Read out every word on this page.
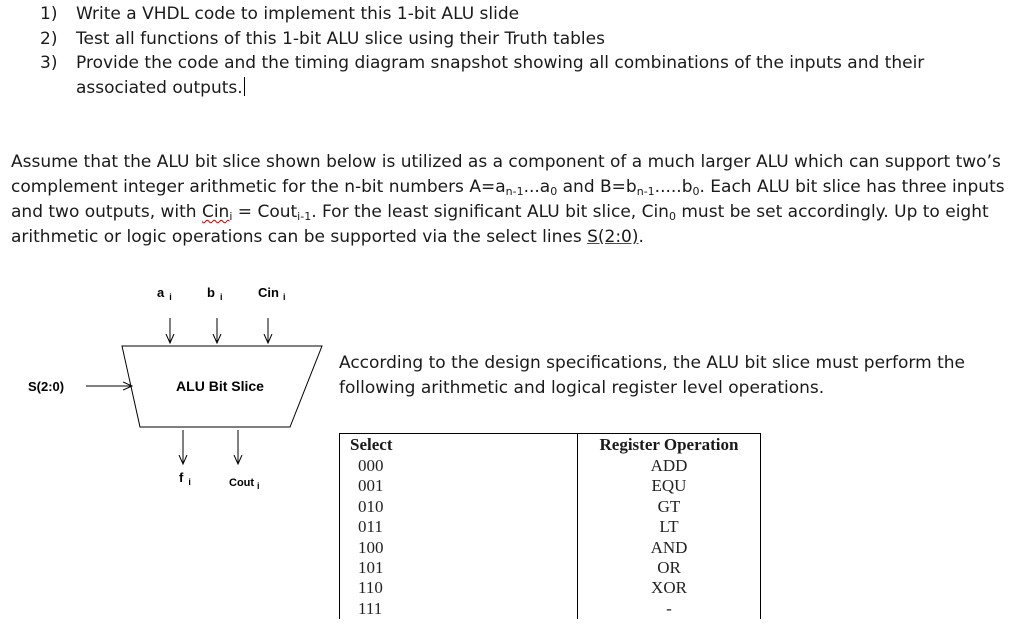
1)	Write a VHDL code to implement this 1-bit ALU slide
2)	Test all functions of this 1-bit ALU slice using their Truth tables
3)	Provide the code and the timing diagram snapshot showing all combinations of the inputs and their associated outputs.
Assume that the ALU bit slice shown below is utilized as a component of a much larger ALU which can support two’s complement integer arithmetic for the n-bit numbers $A=a_{n-1}...a_0$ and $B=b_{n-1}.....b_0$. Each ALU bit slice has three inputs and two outputs, with Cin$_i$ = Cout$_{i-1}$. For the least significant ALU bit slice, Cin$_0$ must be set accordingly. Up to eight arithmetic or logic operations can be supported via the select lines S(2:0).
a $_i$	b $_i$	Cin $_i$
ALU Bit Slice
S(2:0)
f $_i$	Cout $_i$
According to the design specifications, the ALU bit slice must perform the following arithmetic and logical register level operations.
Select	Register Operation
000	ADD
001	EQU
010	GT
011	LT
100	AND
101	OR
110	XOR
111	-
